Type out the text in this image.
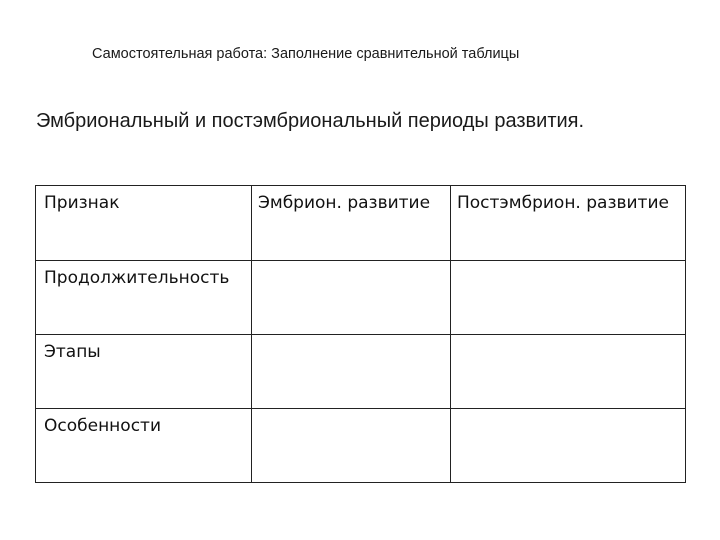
Самостоятельная работа: Заполнение сравнительной таблицы
Эмбриональный и постэмбриональный периоды развития.
Признак	Эмбрион. развитие	Постэмбрион. развитие
Продолжительность		
Этапы		
Особенности		
